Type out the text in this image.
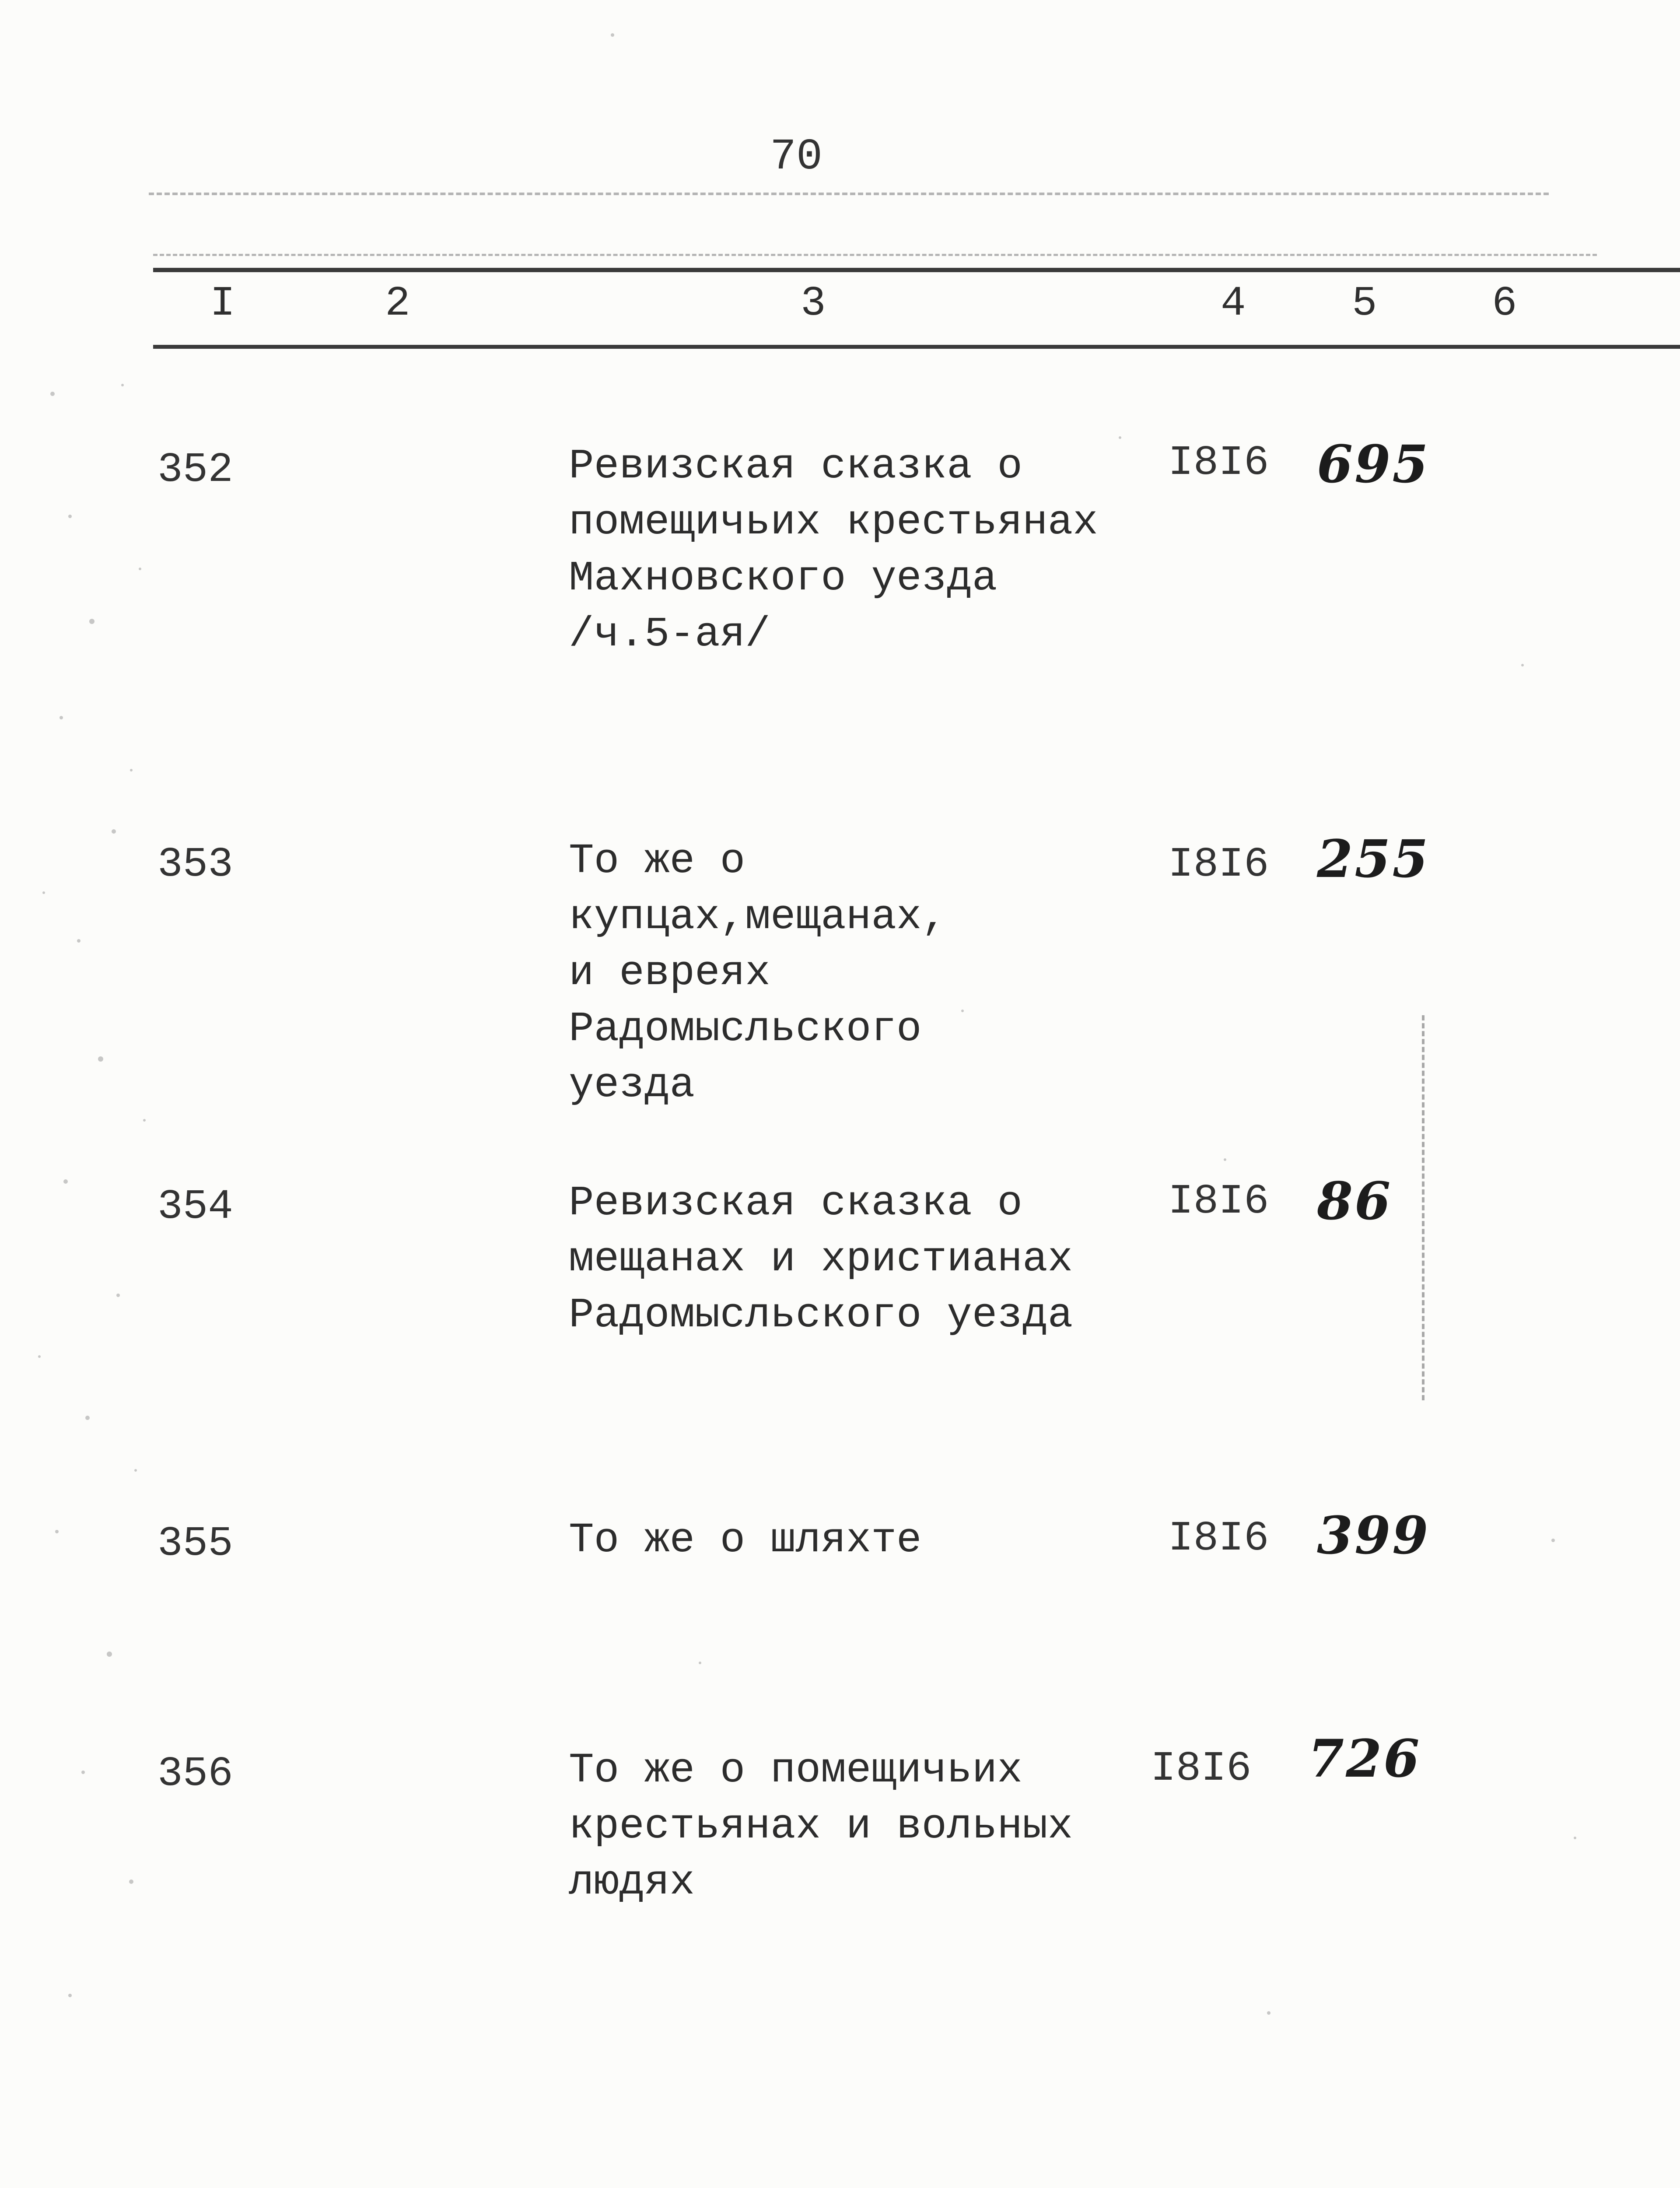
70
I	2	3	4	5	6
352	Ревизская сказка о
помещичьих крестьянах
Махновского уезда
/ч.5-ая/
I8I6 695
353	То же о купцах,мещанах,
и евреях Радомысльского
уезда
I8I6 255
354	Ревизская сказка о
мещанах и христианах
Радомысльского уезда
I8I6 86
355	То же о шляхте	I8I6 399
356	То же о помещичьих
крестьянах и вольных
людях
I8I6 726
